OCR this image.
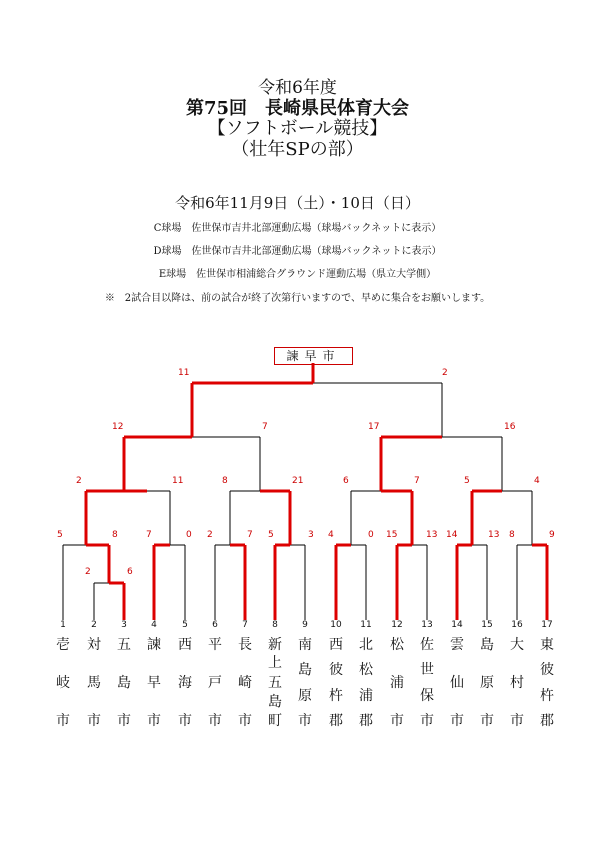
令和6年度
第75回　長崎県民体育大会
【ソフトボール競技】
（壮年SPの部）
令和6年11月9日（土）・10日（日）
C球場　佐世保市吉井北部運動広場（球場バックネットに表示）
D球場　佐世保市吉井北部運動広場（球場バックネットに表示）
E球場　佐世保市相浦総合グラウンド運動広場（県立大学側）
※　2試合目以降は、前の試合が終了次第行いますので、早めに集合をお願いします。
諫早市
2	6
5	8	7	0 2	7 5	3 4	0 15	13 14	13 8	9
2	11	8	21	6	7	5	4
12	7	17	16
11	2
1
壱
岐
市
2
対
馬
市
3
五
島
市
4
諫
早
市
5
西
海
市
6
平
戸
市
7
長
崎
市
8
新
上
五
島
町
9
南
島
原
市
10
西
彼
杵
郡
11
北
松
浦
郡
12
松
浦
市
13
佐
世
保
市
14
雲
仙
市
15
島
原
市
16
大
村
市
17
東
彼
杵
郡
